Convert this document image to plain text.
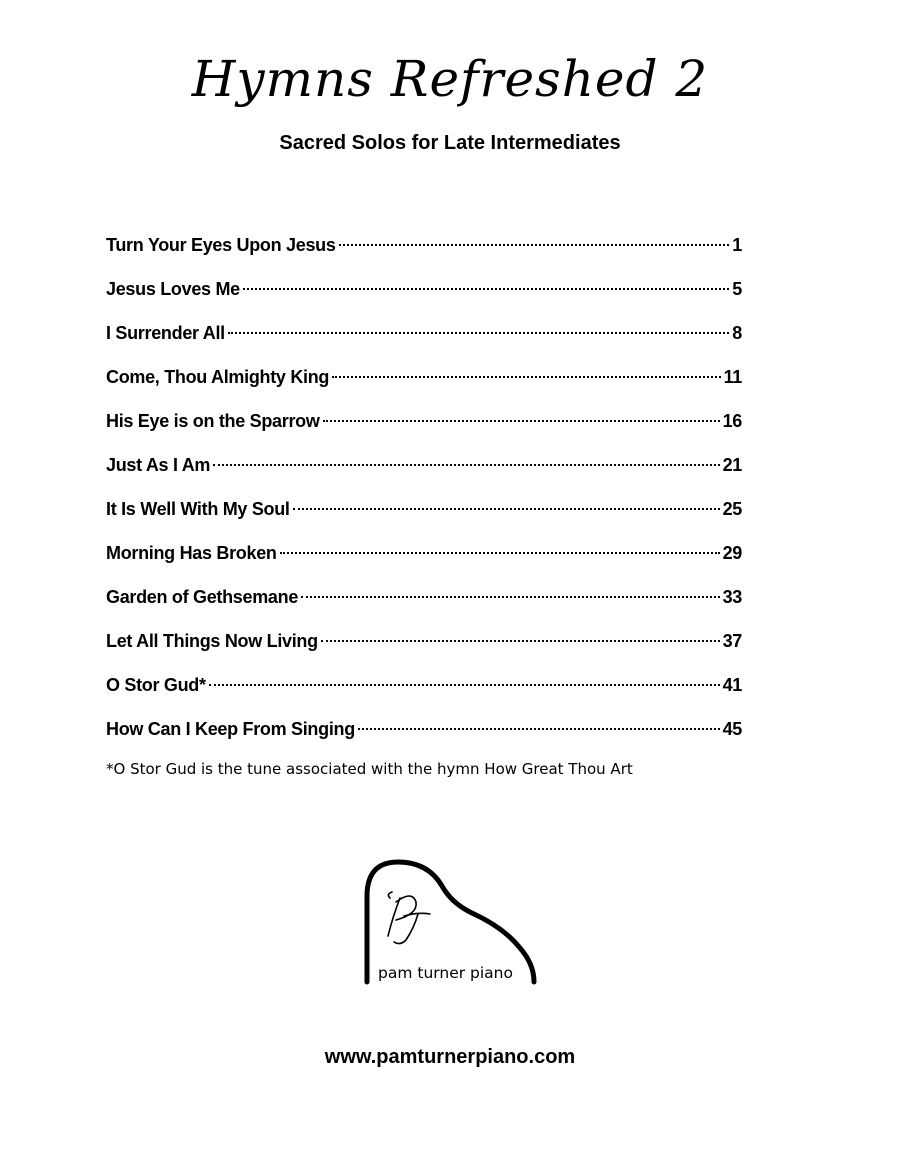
Hymns Refreshed 2
Sacred Solos for Late Intermediates
Turn Your Eyes Upon Jesus	1
Jesus Loves Me	5
I Surrender All	8
Come, Thou Almighty King	11
His Eye is on the Sparrow	16
Just As I Am	21
It Is Well With My Soul	25
Morning Has Broken	29
Garden of Gethsemane	33
Let All Things Now Living	37
O Stor Gud*	41
How Can I Keep From Singing	45
*O Stor Gud is the tune associated with the hymn How Great Thou Art
pam turner piano
www.pamturnerpiano.com
